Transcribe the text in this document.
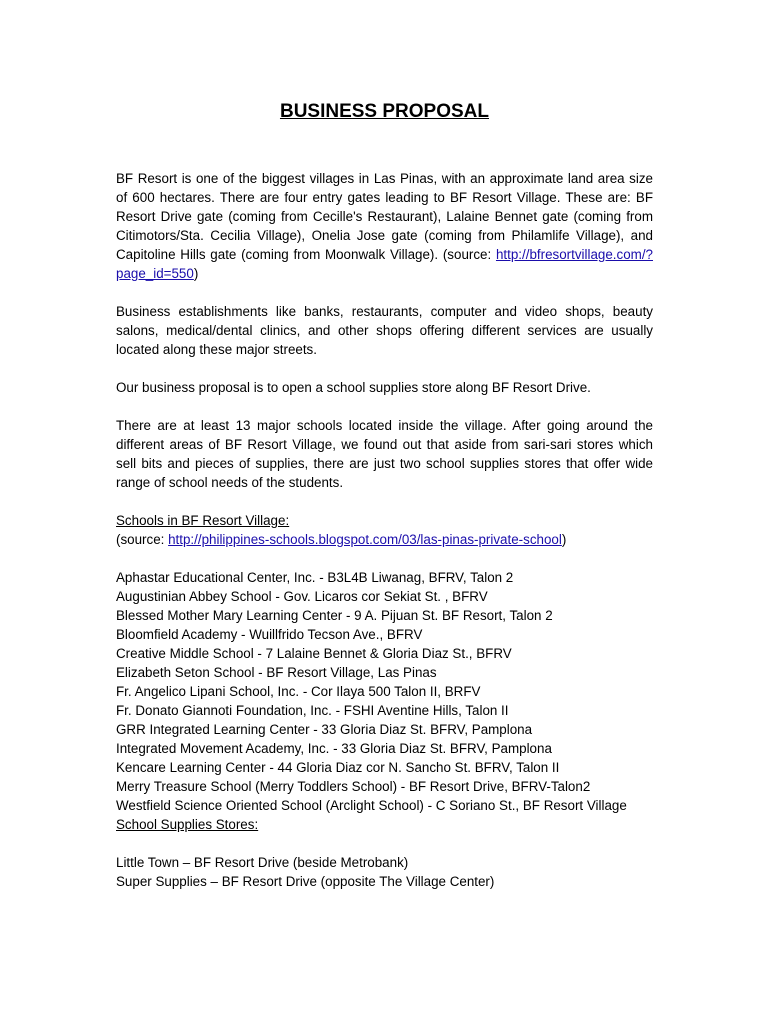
BUSINESS PROPOSAL

BF Resort is one of the biggest villages in Las Pinas, with an approximate land area size of 600 hectares. There are four entry gates leading to BF Resort Village. These are: BF Resort Drive gate (coming from Cecille's Restaurant), Lalaine Bennet gate (coming from Citimotors/Sta. Cecilia Village), Onelia Jose gate (coming from Philamlife Village), and Capitoline Hills gate (coming from Moonwalk Village). (source: http://bfresortvillage.com/?page_id=550)

Business establishments like banks, restaurants, computer and video shops, beauty salons, medical/dental clinics, and other shops offering different services are usually located along these major streets.

Our business proposal is to open a school supplies store along BF Resort Drive.

There are at least 13 major schools located inside the village. After going around the different areas of BF Resort Village, we found out that aside from sari-sari stores which sell bits and pieces of supplies, there are just two school supplies stores that offer wide range of school needs of the students.

Schools in BF Resort Village:
(source: http://philippines-schools.blogspot.com/03/las-pinas-private-school)
Aphastar Educational Center, Inc. - B3L4B Liwanag, BFRV, Talon 2
Augustinian Abbey School - Gov. Licaros cor Sekiat St. , BFRV
Blessed Mother Mary Learning Center - 9 A. Pijuan St. BF Resort, Talon 2
Bloomfield Academy - Wuillfrido Tecson Ave., BFRV
Creative Middle School - 7 Lalaine Bennet & Gloria Diaz St., BFRV
Elizabeth Seton School - BF Resort Village, Las Pinas
Fr. Angelico Lipani School, Inc. - Cor Ilaya 500 Talon II, BRFV
Fr. Donato Giannoti Foundation, Inc. - FSHI Aventine Hills, Talon II
GRR Integrated Learning Center - 33 Gloria Diaz St. BFRV, Pamplona
Integrated Movement Academy, Inc. - 33 Gloria Diaz St. BFRV, Pamplona
Kencare Learning Center - 44 Gloria Diaz cor N. Sancho St. BFRV, Talon II
Merry Treasure School (Merry Toddlers School) - BF Resort Drive, BFRV-Talon2
Westfield Science Oriented School (Arclight School) - C Soriano St., BF Resort Village
School Supplies Stores:
Little Town – BF Resort Drive (beside Metrobank)
Super Supplies – BF Resort Drive (opposite The Village Center)
